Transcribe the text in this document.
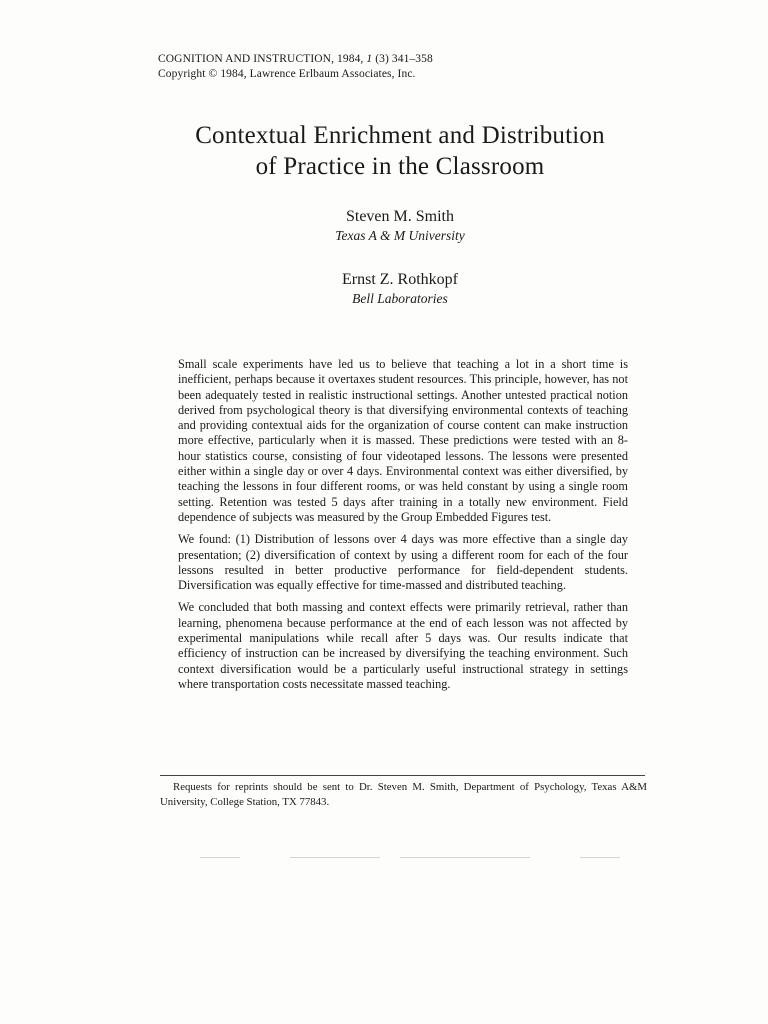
COGNITION AND INSTRUCTION, 1984, 1 (3) 341–358
Copyright © 1984, Lawrence Erlbaum Associates, Inc.
Contextual Enrichment and Distribution
of Practice in the Classroom
Steven M. Smith
Texas A & M University
Ernst Z. Rothkopf
Bell Laboratories

Small scale experiments have led us to believe that teaching a lot in a short time is inefficient, perhaps because it overtaxes student resources. This principle, however, has not been adequately tested in realistic instructional settings. Another untested practical notion derived from psychological theory is that diversifying environmental contexts of teaching and providing contextual aids for the organization of course content can make instruction more effective, particularly when it is massed. These predictions were tested with an 8-hour statistics course, consisting of four videotaped lessons. The lessons were presented either within a single day or over 4 days. Environmental context was either diversified, by teaching the lessons in four different rooms, or was held constant by using a single room setting. Retention was tested 5 days after training in a totally new environment. Field dependence of subjects was measured by the Group Embedded Figures test.

We found: (1) Distribution of lessons over 4 days was more effective than a single day presentation; (2) diversification of context by using a different room for each of the four lessons resulted in better productive performance for field-dependent students. Diversification was equally effective for time-massed and distributed teaching.

We concluded that both massing and context effects were primarily retrieval, rather than learning, phenomena because performance at the end of each lesson was not affected by experimental manipulations while recall after 5 days was. Our results indicate that efficiency of instruction can be increased by diversifying the teaching environment. Such context diversification would be a particularly useful instructional strategy in settings where transportation costs necessitate massed teaching.

Requests for reprints should be sent to Dr. Steven M. Smith, Department of Psychology, Texas A&M University, College Station, TX 77843.
